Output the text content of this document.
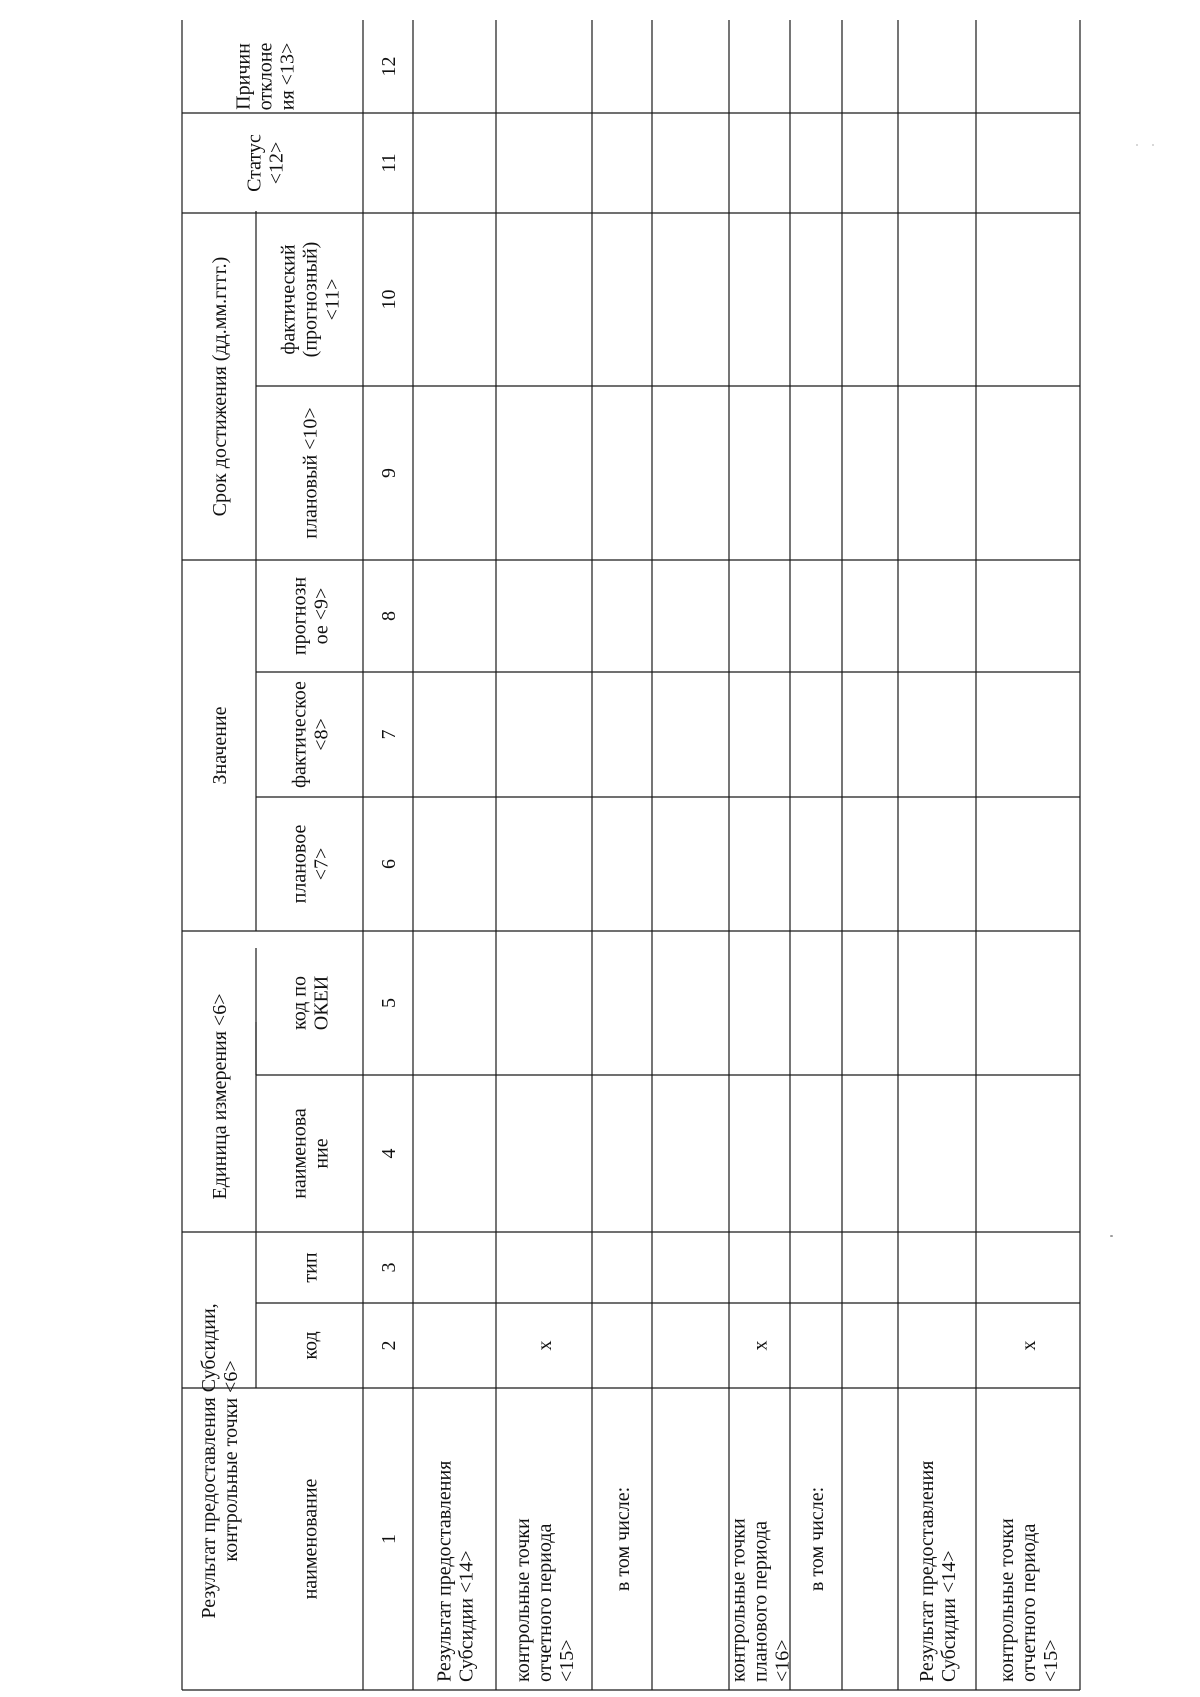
Результат предоставления Субсидии,контрольные точки <6>
Единица измерения <6>
Значение
Срок достижения (дд.мм.гггг.)
Статус<12>
Причинотклонеия <13>
наименование
код
тип
наименование
код поОКЕИ
плановое<7>
фактическое<8>
прогнозное <9>
плановый <10>
фактический(прогнозный)<11>
1
2
3
4
5
6
7
8
9
10
11
12
Результат предоставленияСубсидии <14> контрольные точкиотчетного периода<15>
x
в том числе:	контрольные точкипланового периода<16>
x
в том числе:	Результат предоставленияСубсидии <14> контрольные точкиотчетного периода<15>
x
